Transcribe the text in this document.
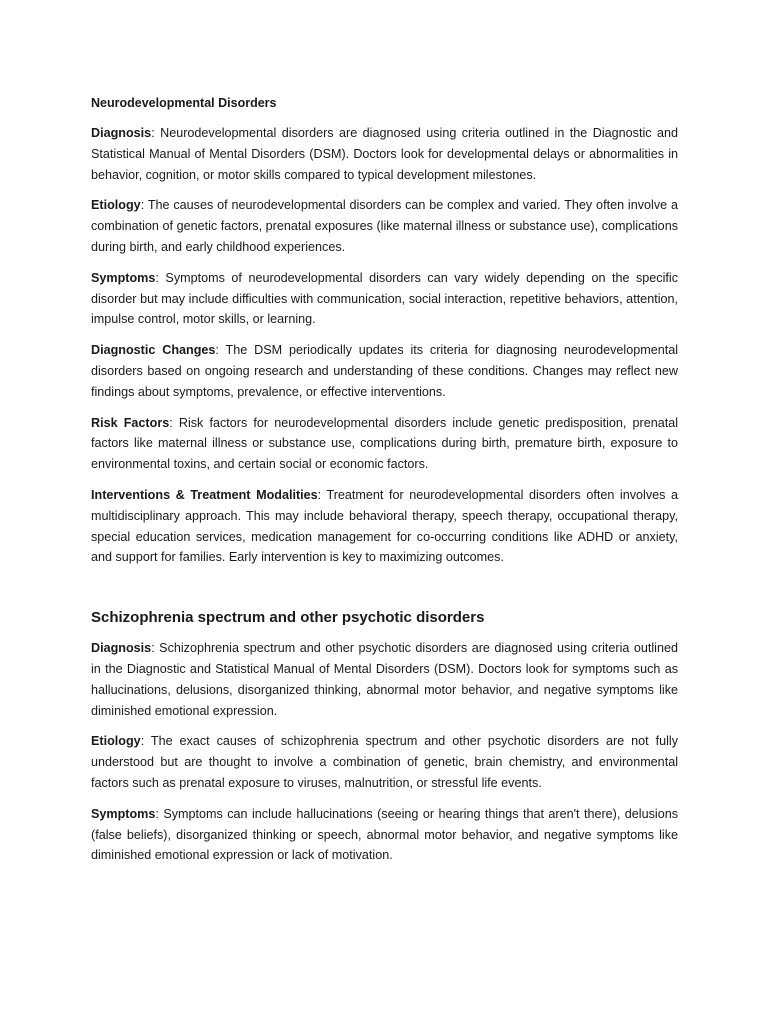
Neurodevelopmental Disorders

Diagnosis: Neurodevelopmental disorders are diagnosed using criteria outlined in the Diagnostic and Statistical Manual of Mental Disorders (DSM). Doctors look for developmental delays or abnormalities in behavior, cognition, or motor skills compared to typical development milestones.

Etiology: The causes of neurodevelopmental disorders can be complex and varied. They often involve a combination of genetic factors, prenatal exposures (like maternal illness or substance use), complications during birth, and early childhood experiences.

Symptoms: Symptoms of neurodevelopmental disorders can vary widely depending on the specific disorder but may include difficulties with communication, social interaction, repetitive behaviors, attention, impulse control, motor skills, or learning.

Diagnostic Changes: The DSM periodically updates its criteria for diagnosing neurodevelopmental disorders based on ongoing research and understanding of these conditions. Changes may reflect new findings about symptoms, prevalence, or effective interventions.

Risk Factors: Risk factors for neurodevelopmental disorders include genetic predisposition, prenatal factors like maternal illness or substance use, complications during birth, premature birth, exposure to environmental toxins, and certain social or economic factors.

Interventions & Treatment Modalities: Treatment for neurodevelopmental disorders often involves a multidisciplinary approach. This may include behavioral therapy, speech therapy, occupational therapy, special education services, medication management for co-occurring conditions like ADHD or anxiety, and support for families. Early intervention is key to maximizing outcomes.

Schizophrenia spectrum and other psychotic disorders

Diagnosis: Schizophrenia spectrum and other psychotic disorders are diagnosed using criteria outlined in the Diagnostic and Statistical Manual of Mental Disorders (DSM). Doctors look for symptoms such as hallucinations, delusions, disorganized thinking, abnormal motor behavior, and negative symptoms like diminished emotional expression.

Etiology: The exact causes of schizophrenia spectrum and other psychotic disorders are not fully understood but are thought to involve a combination of genetic, brain chemistry, and environmental factors such as prenatal exposure to viruses, malnutrition, or stressful life events.

Symptoms: Symptoms can include hallucinations (seeing or hearing things that aren't there), delusions (false beliefs), disorganized thinking or speech, abnormal motor behavior, and negative symptoms like diminished emotional expression or lack of motivation.
